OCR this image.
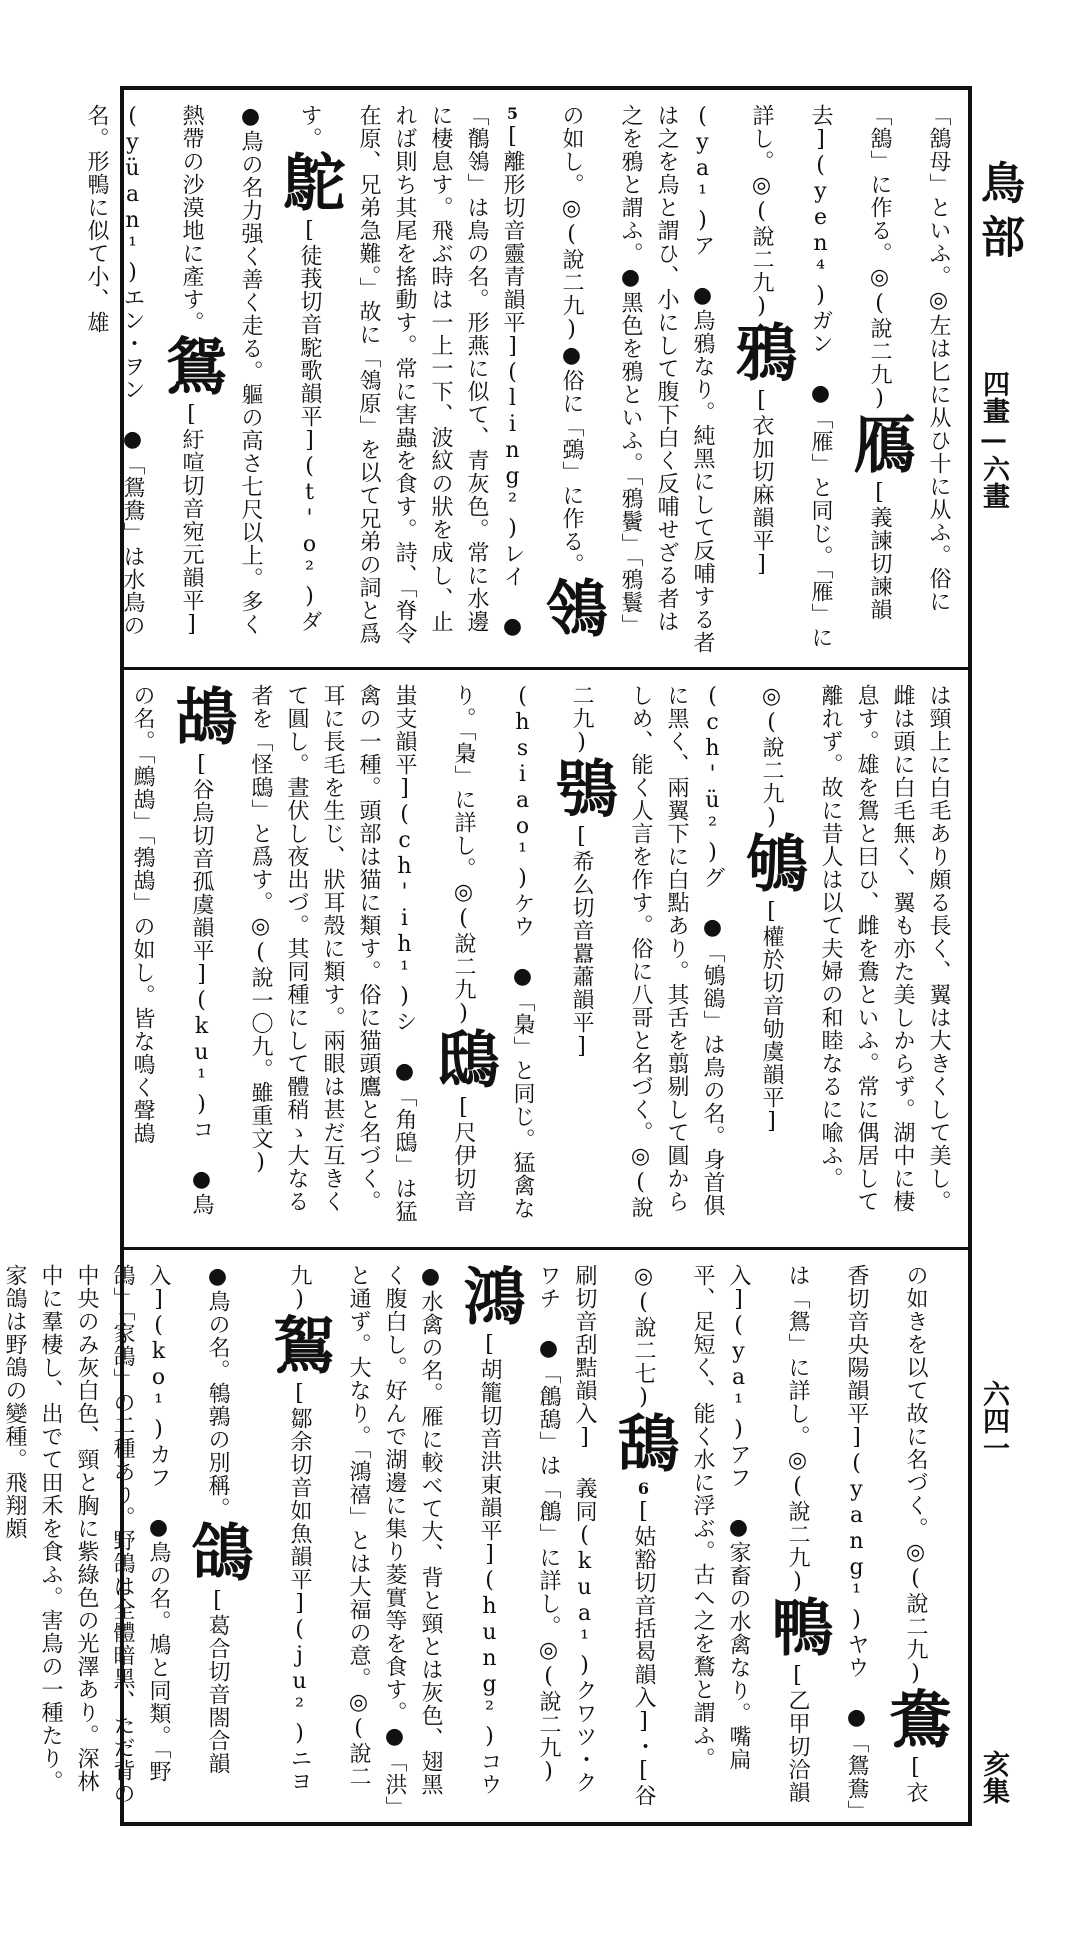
鳥部
四畫—六畫
六四一
亥集
「鵨母」といふ。◎左は匕に从ひ十に从ふ。俗に「鵨」に作る。◎(說二九)鴈[義諫切諫韻去](yen⁴)ガン ●「雁」と同じ。「雁」に詳し。◎(說二九)鴉[衣加切麻韻平](ya¹)ア ●烏鴉なり。純黑にして反哺する者は之を烏と謂ひ、小にして腹下白く反哺せざる者は之を鴉と謂ふ。●黑色を鴉といふ。「鴉鬢」「鴉鬟」の如し。◎(說二九)●俗に「鵶」に作る。鴒5[離形切音靈青韻平](ling²)レイ ●「鶺鴒」は鳥の名。形燕に似て、青灰色。常に水邊に棲息す。飛ぶ時は一上一下、波紋の狀を成し、止れば則ち其尾を搖動す。常に害蟲を食す。詩、「脊令在原、兄弟急難。」故に「鴒原」を以て兄弟の詞と爲す。鴕[徒莪切音駝歌韻平](t'o²)ダ ●鳥の名力强く善く走る。軀の高さ七尺以上。多く熱帶の沙漠地に產す。鴛[紆喧切音宛元韻平](yüan¹)エン・ヲン ●「鴛鴦」は水鳥の名。形鴨に似て小、雄
は頸上に白毛あり頗る長く、翼は大きくして美し。雌は頭に白毛無く、翼も亦た美しからず。湖中に棲息す。雄を鴛と曰ひ、雌を鴦といふ。常に偶居して離れず。故に昔人は以て夫婦の和睦なるに喩ふ。◎(說二九)鴝[權於切音劬虞韻平](ch'ü²)グ ●「鴝鵒」は鳥の名。身首俱に黑く、兩翼下に白點あり。其舌を翦剔して圓からしめ、能く人言を作す。俗に八哥と名づく。◎(說二九)鴞[希么切音囂蕭韻平](hsiao¹)ケウ ●「梟」と同じ。猛禽なり。「梟」に詳し。◎(說二九)鴟[尺伊切音蚩支韻平](ch'ih¹)シ ●「角鴟」は猛禽の一種。頭部は猫に類す。俗に猫頭鷹と名づく。耳に長毛を生じ、狀耳殼に類す。兩眼は甚だ互きくて圓し。晝伏し夜出づ。其同種にして體稍ゝ大なる者を「怪鴟」と爲す。◎(說一〇九。雖重文)鴣[谷烏切音孤虞韻平](ku¹)コ ●鳥の名。「鷓鴣」「鵓鴣」の如し。皆な鳴く聲鴣
の如きを以て故に名づく。◎(說二九)鴦[衣香切音央陽韻平](yang¹)ヤウ ●「鴛鴦」は「鴛」に詳し。◎(說二九)鴨[乙甲切洽韻入](ya¹)アフ ●家畜の水禽なり。嘴扁平、足短く、能く水に浮ぶ。古へ之を鶩と謂ふ。◎(說二七)鴰6[姑豁切音括曷韻入]・[谷刷切音刮黠韻入] 義同(kua¹)クワツ・クワチ ●「鶬鴰」は「鶬」に詳し。◎(說二九)鴻[胡籠切音洪東韻平](hung²)コウ ●水禽の名。雁に較べて大、背と頸とは灰色、翅黑く腹白し。好んで湖邊に集り菱實等を食す。●「洪」と通ず。大なり。「鴻禧」とは大福の意。◎(說二九)鴽[鄒余切音如魚韻平](ju²)ニヨ ●鳥の名。鴾鶉の別稱。鴿[葛合切音閤合韻入](ko¹)カフ ●鳥の名。鳩と同類。「野鴿」「家鴿」の二種あり。野鴿は全體暗黑、ただ背の中央のみ灰白色、頸と胸に紫綠色の光澤あり。深林中に羣棲し、出でて田禾を食ふ。害鳥の一種たり。家鴿は野鴿の變種。飛翔頗
